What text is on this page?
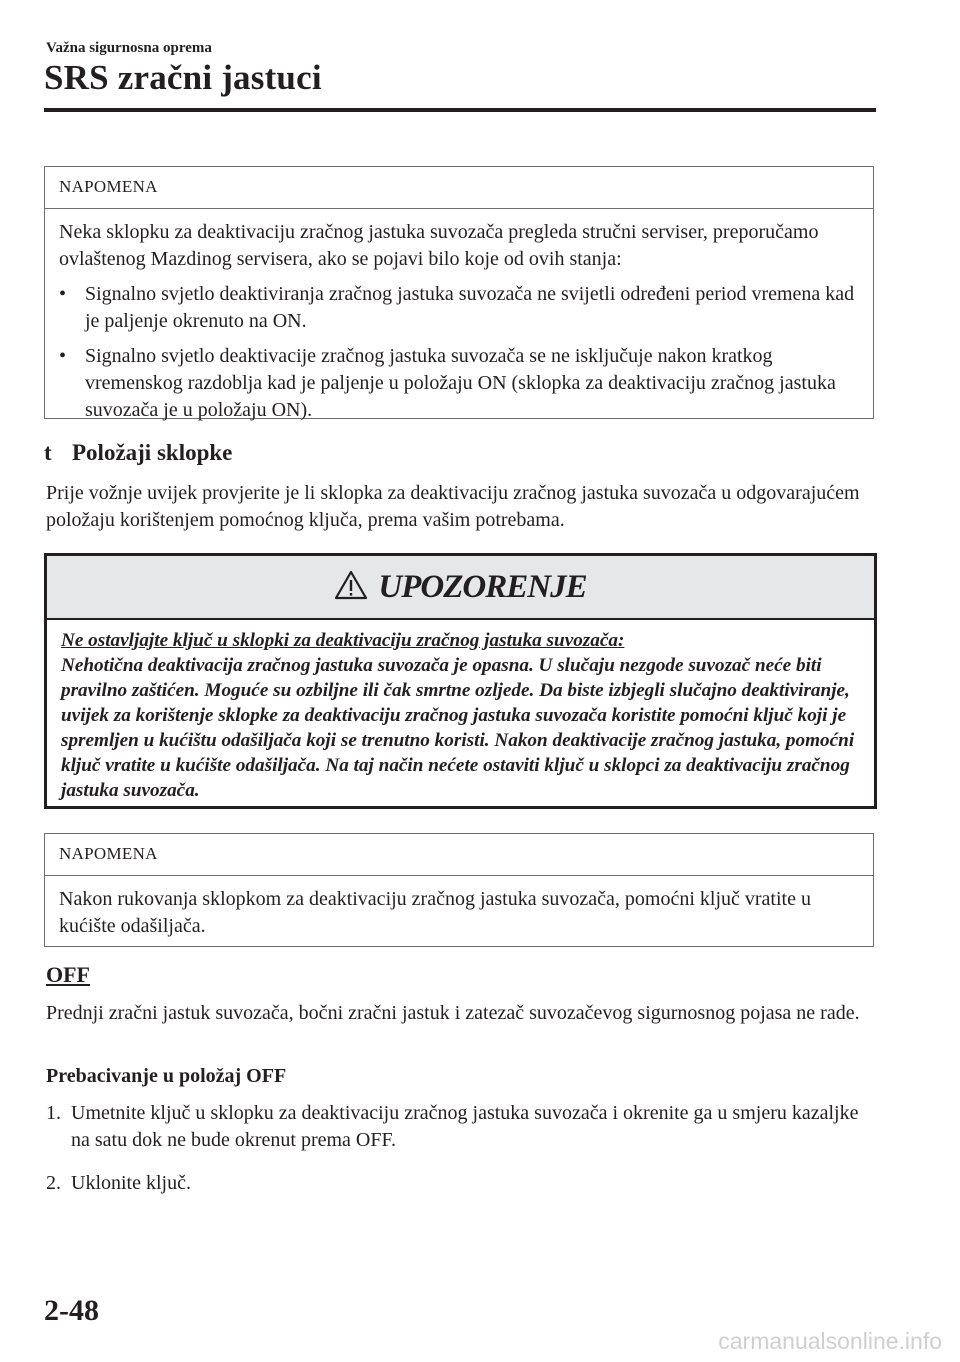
Važna sigurnosna oprema
SRS zračni jastuci
NAPOMENA

Neka sklopku za deaktivaciju zračnog jastuka suvozača pregleda stručni serviser, preporučamo ovlaštenog Mazdinog servisera, ako se pojavi bilo koje od ovih stanja:

• Signalno svjetlo deaktiviranja zračnog jastuka suvozača ne svijetli određeni period vremena kad je paljenje okrenuto na ON.
• Signalno svjetlo deaktivacije zračnog jastuka suvozača se ne isključuje nakon kratkog vremenskog razdoblja kad je paljenje u položaju ON (sklopka za deaktivaciju zračnog jastuka suvozača je u položaju ON).
t Položaji sklopke

Prije vožnje uvijek provjerite je li sklopka za deaktivaciju zračnog jastuka suvozača u odgovarajućem položaju korištenjem pomoćnog ključa, prema vašim potrebama.

UPOZORENJE
Ne ostavljajte ključ u sklopki za deaktivaciju zračnog jastuka suvozača:
Nehotična deaktivacija zračnog jastuka suvozača je opasna. U slučaju nezgode suvozač neće biti pravilno zaštićen. Moguće su ozbiljne ili čak smrtne ozljede. Da biste izbjegli slučajno deaktiviranje, uvijek za korištenje sklopke za deaktivaciju zračnog jastuka suvozača koristite pomoćni ključ koji je spremljen u kućištu odašiljača koji se trenutno koristi. Nakon deaktivacije zračnog jastuka, pomoćni ključ vratite u kućište odašiljača. Na taj način nećete ostaviti ključ u sklopci za deaktivaciju zračnog jastuka suvozača.
NAPOMENA

Nakon rukovanja sklopkom za deaktivaciju zračnog jastuka suvozača, pomoćni ključ vratite u kućište odašiljača.

OFF

Prednji zračni jastuk suvozača, bočni zračni jastuk i zatezač suvozačevog sigurnosnog pojasa ne rade.

Prebacivanje u položaj OFF
1. Umetnite ključ u sklopku za deaktivaciju zračnog jastuka suvozača i okrenite ga u smjeru kazaljke na satu dok ne bude okrenut prema OFF.
2. Uklonite ključ.
2-48
carmanualsonline.info
